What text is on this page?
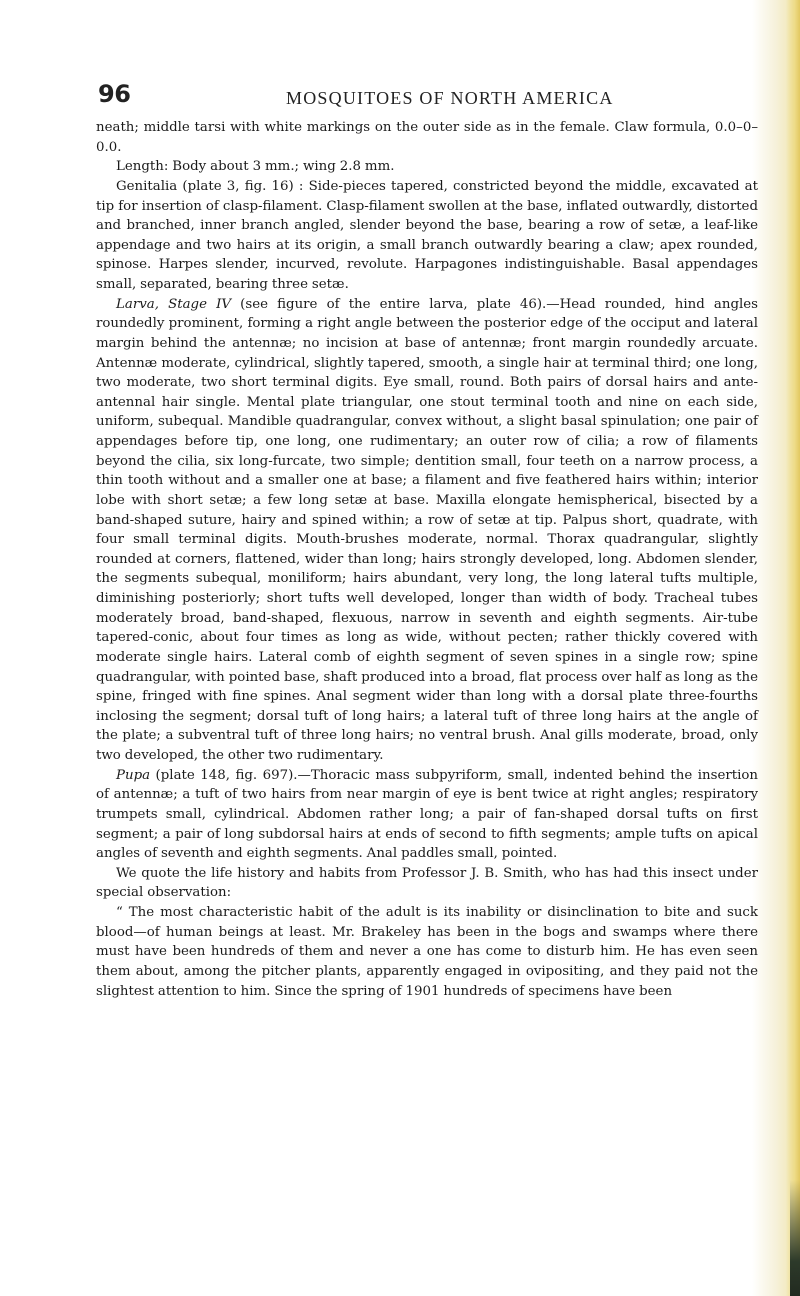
96	MOSQUITOES OF NORTH AMERICA

neath; middle tarsi with white markings on the outer side as in the female. Claw formula, 0.0–0–0.0.

Length: Body about 3 mm.; wing 2.8 mm.

Genitalia (plate 3, fig. 16) : Side-pieces tapered, constricted beyond the middle, excavated at tip for insertion of clasp-filament. Clasp-filament swollen at the base, inflated outwardly, distorted and branched, inner branch angled, slender beyond the base, bearing a row of setæ, a leaf-like appendage and two hairs at its origin, a small branch outwardly bearing a claw; apex rounded, spinose. Harpes slender, incurved, revolute. Harpagones indistinguishable. Basal appendages small, separated, bearing three setæ.

Larva, Stage IV (see figure of the entire larva, plate 46).—Head rounded, hind angles roundedly prominent, forming a right angle between the posterior edge of the occiput and lateral margin behind the antennæ; no incision at base of antennæ; front margin roundedly arcuate. Antennæ moderate, cylindrical, slightly tapered, smooth, a single hair at terminal third; one long, two moderate, two short terminal digits. Eye small, round. Both pairs of dorsal hairs and ante-antennal hair single. Mental plate triangular, one stout terminal tooth and nine on each side, uniform, subequal. Mandible quadrangular, convex without, a slight basal spinulation; one pair of appendages before tip, one long, one rudimentary; an outer row of cilia; a row of filaments beyond the cilia, six long-furcate, two simple; dentition small, four teeth on a narrow process, a thin tooth without and a smaller one at base; a filament and five feathered hairs within; interior lobe with short setæ; a few long setæ at base. Maxilla elongate hemispherical, bisected by a band-shaped suture, hairy and spined within; a row of setæ at tip. Palpus short, quadrate, with four small terminal digits. Mouth-brushes moderate, normal. Thorax quadrangular, slightly rounded at corners, flattened, wider than long; hairs strongly developed, long. Abdomen slender, the segments subequal, moniliform; hairs abundant, very long, the long lateral tufts multiple, diminishing posteriorly; short tufts well developed, longer than width of body. Tracheal tubes moderately broad, band-shaped, flexuous, narrow in seventh and eighth segments. Air-tube tapered-conic, about four times as long as wide, without pecten; rather thickly covered with moderate single hairs. Lateral comb of eighth segment of seven spines in a single row; spine quadrangular, with pointed base, shaft produced into a broad, flat process over half as long as the spine, fringed with fine spines. Anal segment wider than long with a dorsal plate three-fourths inclosing the segment; dorsal tuft of long hairs; a lateral tuft of three long hairs at the angle of the plate; a subventral tuft of three long hairs; no ventral brush. Anal gills moderate, broad, only two developed, the other two rudimentary.

Pupa (plate 148, fig. 697).—Thoracic mass subpyriform, small, indented behind the insertion of antennæ; a tuft of two hairs from near margin of eye is bent twice at right angles; respiratory trumpets small, cylindrical. Abdomen rather long; a pair of fan-shaped dorsal tufts on first segment; a pair of long subdorsal hairs at ends of second to fifth segments; ample tufts on apical angles of seventh and eighth segments. Anal paddles small, pointed.

We quote the life history and habits from Professor J. B. Smith, who has had this insect under special observation:

“ The most characteristic habit of the adult is its inability or disinclination to bite and suck blood—of human beings at least. Mr. Brakeley has been in the bogs and swamps where there must have been hundreds of them and never a one has come to disturb him. He has even seen them about, among the pitcher plants, apparently engaged in ovipositing, and they paid not the slightest attention to him. Since the spring of 1901 hundreds of specimens have been
